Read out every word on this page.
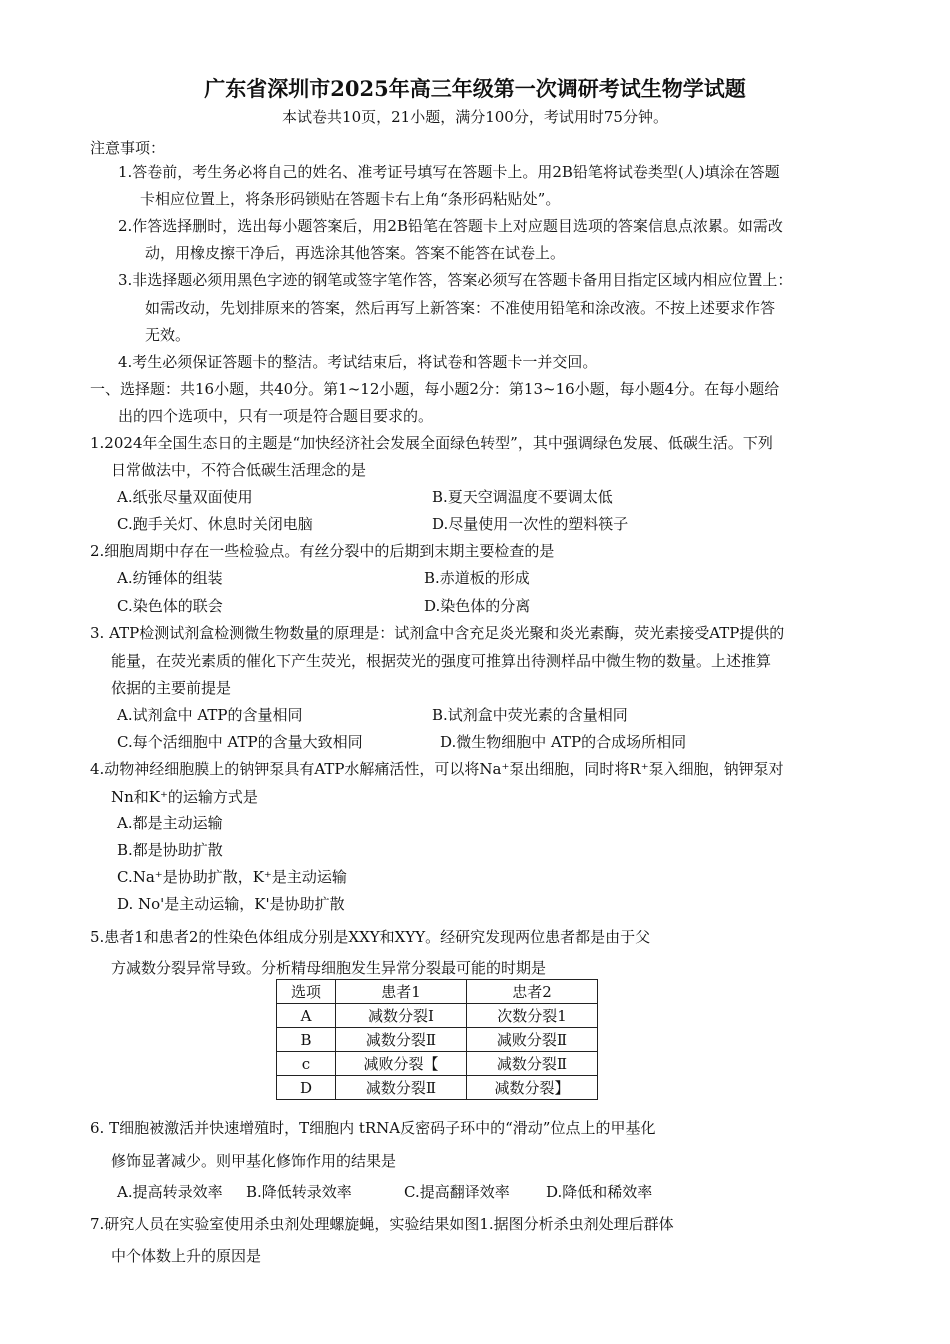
广东省深圳市2025年高三年级第一次调研考试生物学试题
本试卷共10页，21小题，满分100分，考试用时75分钟。
注意事项：
1.答卷前，考生务必将自己的姓名、准考证号填写在答题卡上。用2B铅笔将试卷类型(人)填涂在答题
卡相应位置上，将条形码锁贴在答题卡右上角“条形码粘贴处”。
2.作答选择删时，选出每小题答案后，用2B铅笔在答题卡上对应题目选项的答案信息点浓累。如需改
动，用橡皮擦干净后，再选涂其他答案。答案不能答在试卷上。
3.非选择题必须用黑色字迹的钢笔或签字笔作答，答案必须写在答题卡备用目指定区域内相应位置上：
如需改动，先划排原来的答案，然后再写上新答案：不准使用铅笔和涂改液。不按上述要求作答
无效。
4.考生必须保证答题卡的整洁。考试结束后，将试卷和答题卡一并交回。
一、选择题：共16小题，共40分。第1~12小题，每小题2分：第13~16小题，每小题4分。在每小题给
出的四个选项中，只有一项是符合题目要求的。
1.2024年全国生态日的主题是“加快经济社会发展全面绿色转型”，其中强调绿色发展、低碳生活。下列
日常做法中，不符合低碳生活理念的是
A.纸张尽量双面使用	B.夏天空调温度不要调太低
C.跑手关灯、休息时关闭电脑	D.尽量使用一次性的塑料筷子
2.细胞周期中存在一些检验点。有丝分裂中的后期到末期主要检查的是
A.纺锤体的组装	B.赤道板的形成
C.染色体的联会	D.染色体的分离
3. ATP检测试剂盒检测微生物数量的原理是：试剂盒中含充足炎光聚和炎光素酶，荧光素接受ATP提供的
能量，在荧光素质的催化下产生荧光，根据荧光的强度可推算出待测样品中微生物的数量。上述推算
依据的主要前提是
A.试剂盒中 ATP的含量相同	B.试剂盒中荧光素的含量相同
C.每个活细胞中 ATP的含量大致相同	D.微生物细胞中 ATP的合成场所相同
4.动物神经细胞膜上的钠钾泵具有ATP水解痛活性，可以将Na⁺泵出细胞，同时将R⁺泵入细胞，钠钾泵对
Nn和K⁺的运输方式是
A.都是主动运输
B.都是协助扩散
C.Na⁺是协助扩散，K⁺是主动运输
D. No'是主动运输，K'是协助扩散
5.患者1和患者2的性染色体组成分别是XXY和XYY。经研究发现两位患者都是由于父
方减数分裂异常导致。分析精母细胞发生异常分裂最可能的时期是
选项	患者1	忠者2
A	减数分裂Ⅰ	次数分裂1
B	减数分裂Ⅱ	减败分裂Ⅱ
c	减败分裂【	减数分裂Ⅱ
D	减数分裂Ⅱ	减数分裂】
6. T细胞被激活并快速增殖时，T细胞内 tRNA反密码子环中的“滑动”位点上的甲基化
修饰显著减少。则甲基化修饰作用的结果是
A.提高转录效率 B.降低转录效率	C.提高翻译效率 D.降低和稀效率
7.研究人员在实验室使用杀虫剂处理螺旋蝇，实验结果如图1.据图分析杀虫剂处理后群体
中个体数上升的原因是
